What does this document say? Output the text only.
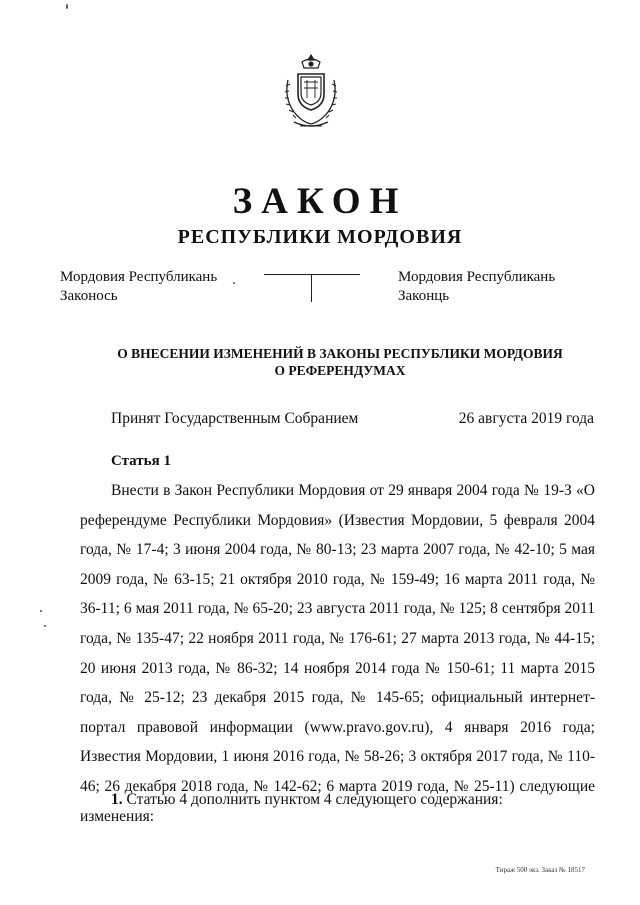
ЗАКОН
РЕСПУБЛИКИ МОРДОВИЯ
Мордовия Республикань
Законось
Мордовия Республикань
Законць
О ВНЕСЕНИИ ИЗМЕНЕНИЙ В ЗАКОНЫ РЕСПУБЛИКИ МОРДОВИЯ
О РЕФЕРЕНДУМАХ
Принят Государственным Собранием	26 августа 2019 года
Статья 1
Внести в Закон Республики Мордовия от 29 января 2004 года № 19-З «О референдуме Республики Мордовия» (Известия Мордовии, 5 февраля 2004 года, № 17-4; 3 июня 2004 года, № 80-13; 23 марта 2007 года, № 42-10; 5 мая 2009 года, № 63-15; 21 октября 2010 года, № 159-49; 16 марта 2011 года, № 36-11; 6 мая 2011 года, № 65-20; 23 августа 2011 года, № 125; 8 сентября 2011 года, № 135-47; 22 ноября 2011 года, № 176-61; 27 марта 2013 года, № 44-15; 20 июня 2013 года, № 86-32; 14 ноября 2014 года № 150-61; 11 марта 2015 года, № 25-12; 23 декабря 2015 года, № 145-65; официальный интернет-портал правовой информации (www.pravo.gov.ru), 4 января 2016 года; Известия Мордовии, 1 июня 2016 года, № 58-26; 3 октября 2017 года, № 110-46; 26 декабря 2018 года, № 142-62; 6 марта 2019 года, № 25-11) следующие изменения:
1. Статью 4 дополнить пунктом 4 следующего содержания:
Тираж 500 экз. Заказ № 18517
